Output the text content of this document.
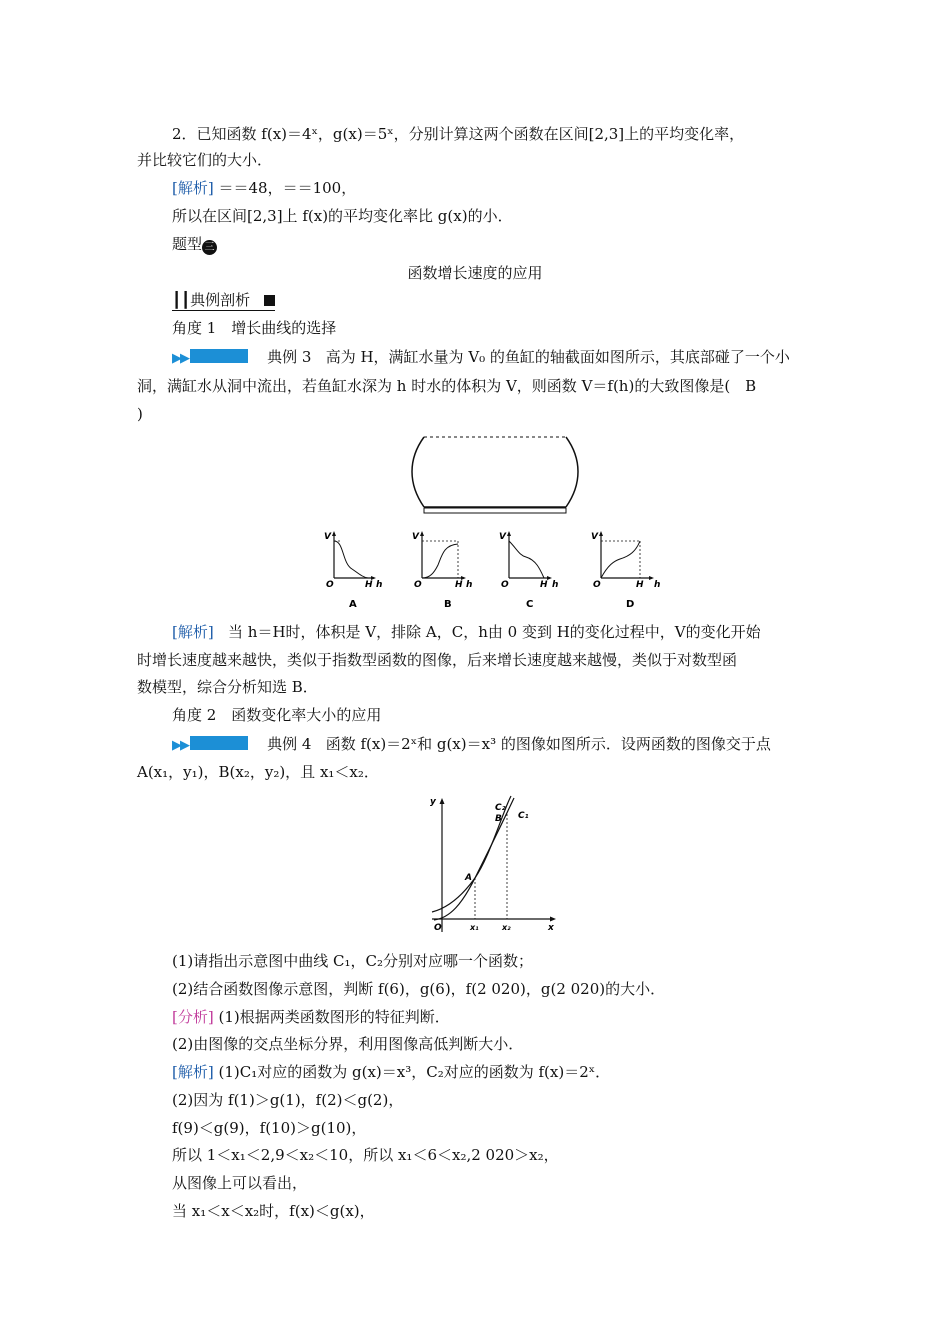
2．已知函数 f(x)＝4ˣ，g(x)＝5ˣ，分别计算这两个函数在区间[2,3]上的平均变化率，
并比较它们的大小．
[解析] ＝＝48，＝＝100，
所以在区间[2,3]上 f(x)的平均变化率比 g(x)的小．
题型 三
函数增长速度的应用
┃┃典例剖析
角度 1　增长曲线的选择
▶▶	典例 3 高为 H，满缸水量为 V₀ 的鱼缸的轴截面如图所示，其底部碰了一个小
洞，满缸水从洞中流出，若鱼缸水深为 h 时水的体积为 V，则函数 V＝f(h)的大致图像是(　B
)
V
O	H h
A
V
O	H h
B
V
O	H h
C
V
O	H h
D
[解析] 当 h＝H时，体积是 V，排除 A，C，h由 0 变到 H的变化过程中，V的变化开始
时增长速度越来越快，类似于指数型函数的图像，后来增长速度越来越慢，类似于对数型函
数模型，综合分析知选 B．
角度 2　函数变化率大小的应用
▶▶	典例 4 函数 f(x)＝2ˣ和 g(x)＝x³ 的图像如图所示．设两函数的图像交于点
A(x₁，y₁)，B(x₂，y₂)，且 x₁＜x₂．
y
x
O
A
B
C₂
C₁
x₁	x₂
(1)请指出示意图中曲线 C₁，C₂分别对应哪一个函数；
(2)结合函数图像示意图，判断 f(6)，g(6)，f(2 020)，g(2 020)的大小．
[分析] (1)根据两类函数图形的特征判断．
(2)由图像的交点坐标分界，利用图像高低判断大小．
[解析] (1)C₁对应的函数为 g(x)＝x³，C₂对应的函数为 f(x)＝2ˣ．
(2)因为 f(1)＞g(1)，f(2)＜g(2)，
f(9)＜g(9)，f(10)＞g(10)，
所以 1＜x₁＜2,9＜x₂＜10，所以 x₁＜6＜x₂,2 020＞x₂，
从图像上可以看出，
当 x₁＜x＜x₂时，f(x)＜g(x)，
